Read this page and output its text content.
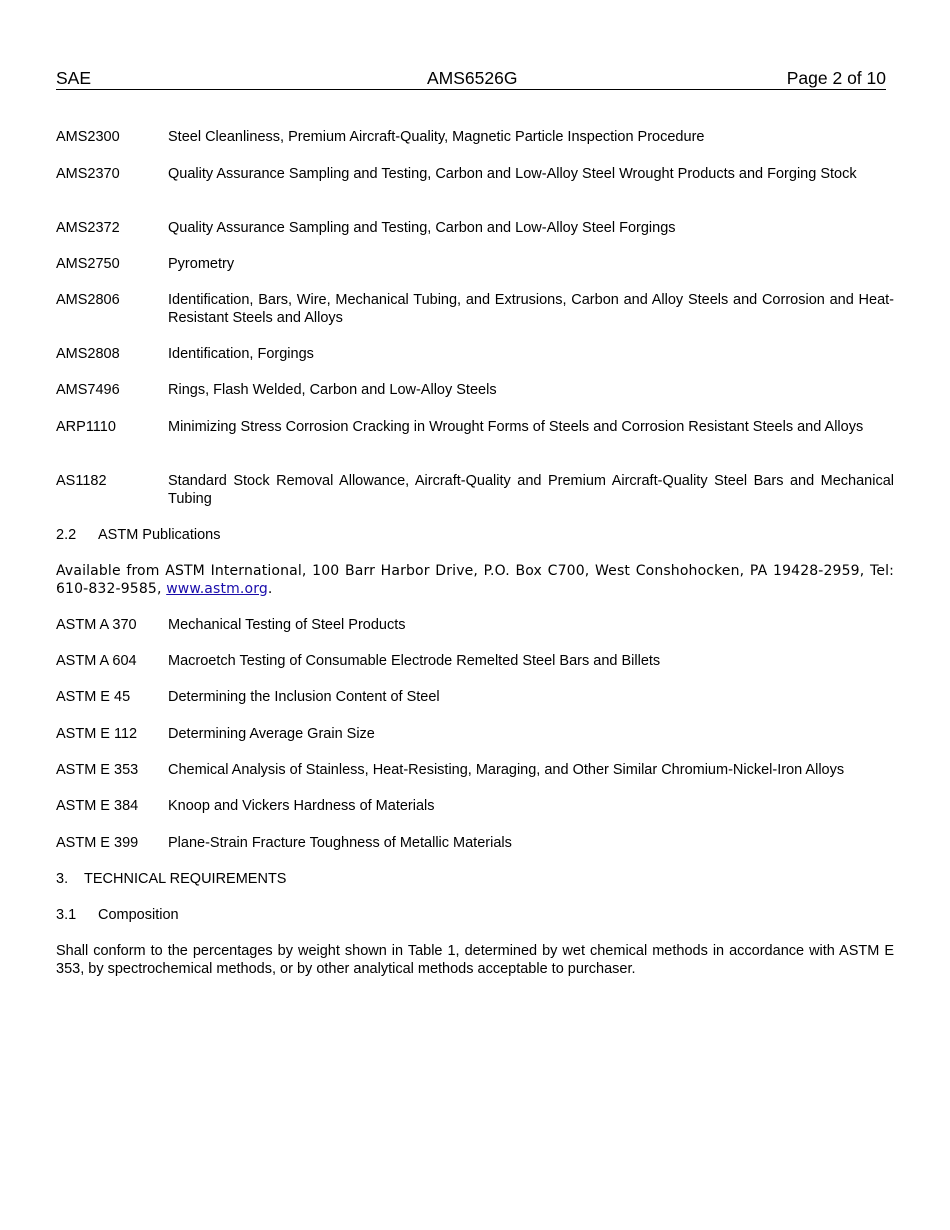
SAE	AMS6526G	Page 2 of 10
AMS2300	Steel Cleanliness, Premium Aircraft-Quality, Magnetic Particle Inspection Procedure
AMS2370	Quality Assurance Sampling and Testing, Carbon and Low-Alloy Steel Wrought Products and Forging Stock
AMS2372	Quality Assurance Sampling and Testing, Carbon and Low-Alloy Steel Forgings
AMS2750	Pyrometry
AMS2806	Identification, Bars, Wire, Mechanical Tubing, and Extrusions, Carbon and Alloy Steels and Corrosion and Heat-Resistant Steels and Alloys
AMS2808	Identification, Forgings
AMS7496	Rings, Flash Welded, Carbon and Low-Alloy Steels
ARP1110	Minimizing Stress Corrosion Cracking in Wrought Forms of Steels and Corrosion Resistant Steels and Alloys
AS1182	Standard Stock Removal Allowance, Aircraft-Quality and Premium Aircraft-Quality Steel Bars and Mechanical Tubing
2.2 ASTM Publications
Available from ASTM International, 100 Barr Harbor Drive, P.O. Box C700, West Conshohocken, PA 19428-2959, Tel: 610-832-9585, www.astm.org.
ASTM A 370	Mechanical Testing of Steel Products
ASTM A 604	Macroetch Testing of Consumable Electrode Remelted Steel Bars and Billets
ASTM E 45	Determining the Inclusion Content of Steel
ASTM E 112	Determining Average Grain Size
ASTM E 353	Chemical Analysis of Stainless, Heat-Resisting, Maraging, and Other Similar Chromium-Nickel-Iron Alloys
ASTM E 384	Knoop and Vickers Hardness of Materials
ASTM E 399	Plane-Strain Fracture Toughness of Metallic Materials
3. TECHNICAL REQUIREMENTS
3.1 Composition
Shall conform to the percentages by weight shown in Table 1, determined by wet chemical methods in accordance with ASTM E 353, by spectrochemical methods, or by other analytical methods acceptable to purchaser.
